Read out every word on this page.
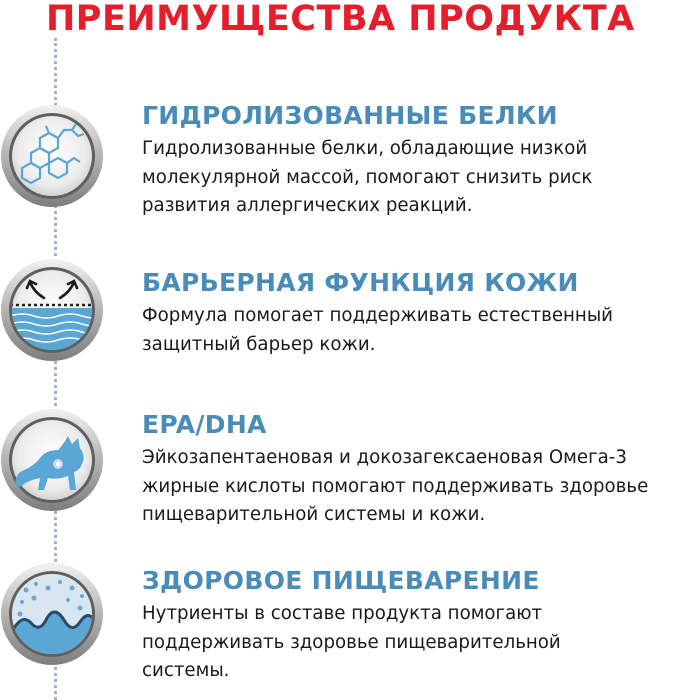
ПРЕИМУЩЕСТВА ПРОДУКТА
ГИДРОЛИЗОВАННЫЕ БЕЛКИ

Гидролизованные белки, обладающие низкой
молекулярной массой, помогают снизить риск
развития аллергических реакций.

БАРЬЕРНАЯ ФУНКЦИЯ КОЖИ

Формула помогает поддерживать естественный
защитный барьер кожи.

EPA/DHA

Эйкозапентаеновая и докозагексаеновая Омега-3
жирные кислоты помогают поддерживать здоровье
пищеварительной системы и кожи.

ЗДОРОВОЕ ПИЩЕВАРЕНИЕ

Нутриенты в составе продукта помогают
поддерживать здоровье пищеварительной
системы.
